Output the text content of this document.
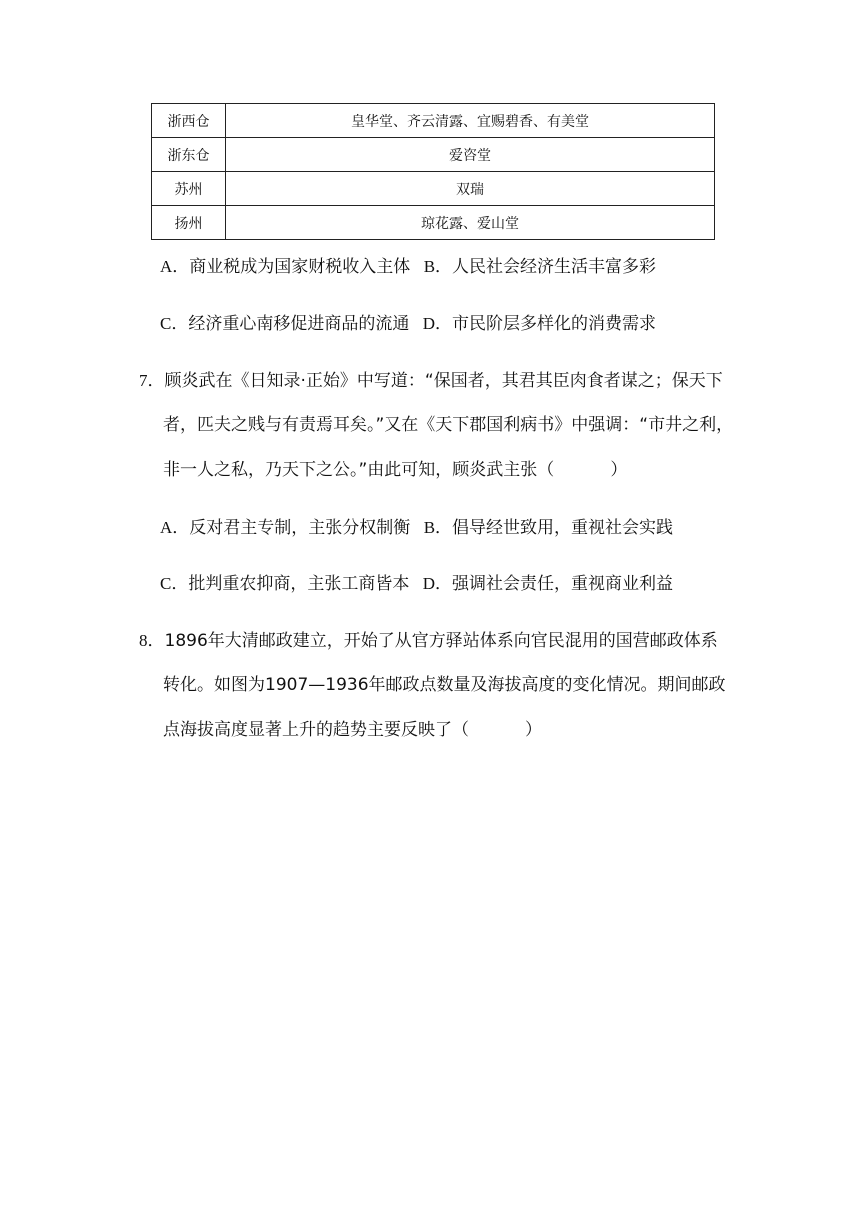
浙西仓	皇华堂、齐云清露、宜赐碧香、有美堂
浙东仓	爱咨堂
苏州	双瑞
扬州	琼花露、爱山堂
A．商业税成为国家财税收入主体 B．人民社会经济生活丰富多彩
C．经济重心南移促进商品的流通 D．市民阶层多样化的消费需求
7．顾炎武在《日知录·正始》中写道：“保国者，其君其臣肉食者谋之；保天下
者，匹夫之贱与有责焉耳矣。”又在《天下郡国利病书》中强调：“市井之利，
非一人之私，乃天下之公。”由此可知，顾炎武主张（	）
A．反对君主专制，主张分权制衡 B．倡导经世致用，重视社会实践
C．批判重农抑商，主张工商皆本 D．强调社会责任，重视商业利益
8．1896年大清邮政建立，开始了从官方驿站体系向官民混用的国营邮政体系
转化。如图为1907—1936年邮政点数量及海拔高度的变化情况。期间邮政
点海拔高度显著上升的趋势主要反映了（	）
